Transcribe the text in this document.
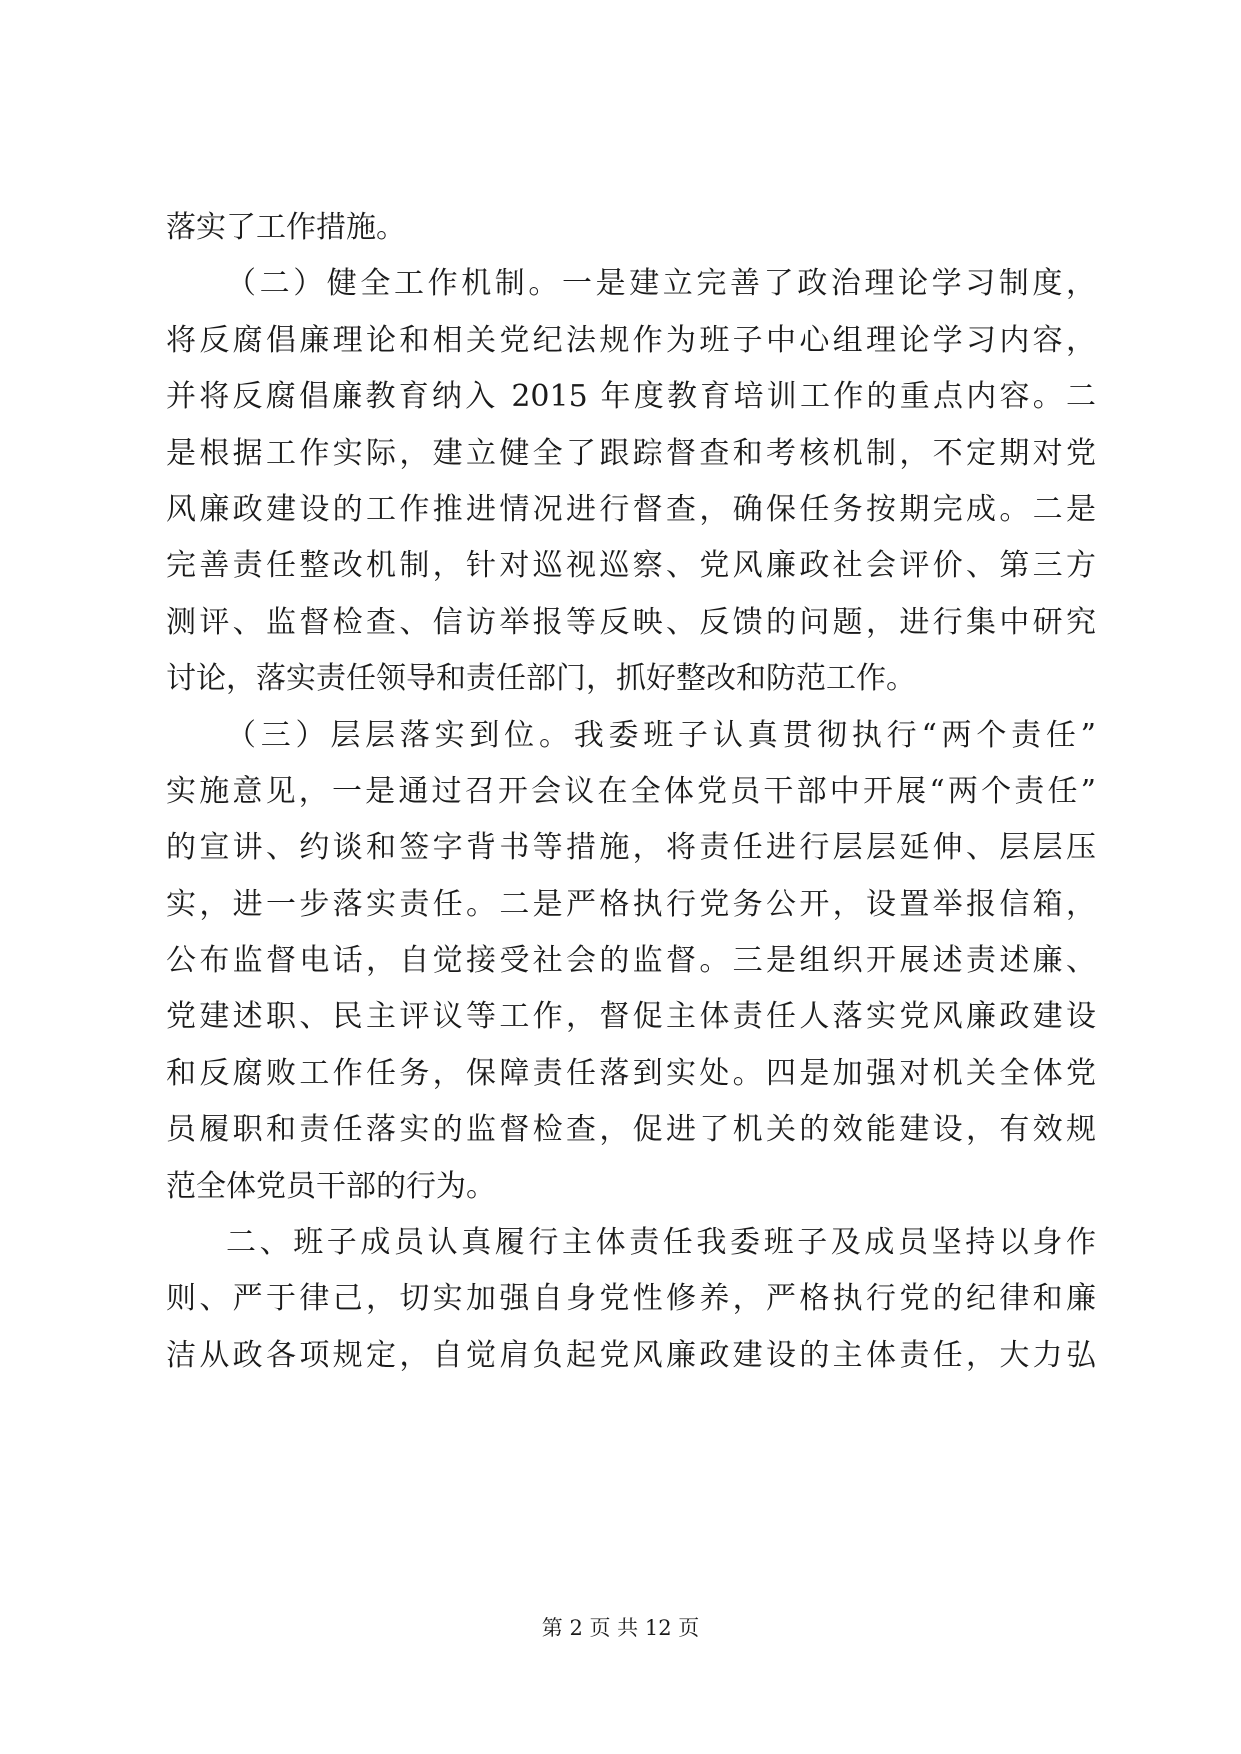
落实了工作措施。
（二）健全工作机制。一是建立完善了政治理论学习制度，
将反腐倡廉理论和相关党纪法规作为班子中心组理论学习内容，
并将反腐倡廉教育纳入 2015 年度教育培训工作的重点内容。二
是根据工作实际，建立健全了跟踪督查和考核机制，不定期对党
风廉政建设的工作推进情况进行督查，确保任务按期完成。二是
完善责任整改机制，针对巡视巡察、党风廉政社会评价、第三方
测评、监督检查、信访举报等反映、反馈的问题，进行集中研究
讨论，落实责任领导和责任部门，抓好整改和防范工作。
（三）层层落实到位。我委班子认真贯彻执行“两个责任”
实施意见，一是通过召开会议在全体党员干部中开展“两个责任”
的宣讲、约谈和签字背书等措施，将责任进行层层延伸、层层压
实，进一步落实责任。二是严格执行党务公开，设置举报信箱，
公布监督电话，自觉接受社会的监督。三是组织开展述责述廉、
党建述职、民主评议等工作，督促主体责任人落实党风廉政建设
和反腐败工作任务，保障责任落到实处。四是加强对机关全体党
员履职和责任落实的监督检查，促进了机关的效能建设，有效规
范全体党员干部的行为。
二、班子成员认真履行主体责任我委班子及成员坚持以身作
则、严于律己，切实加强自身党性修养，严格执行党的纪律和廉
洁从政各项规定，自觉肩负起党风廉政建设的主体责任，大力弘
第 2 页 共 12 页
